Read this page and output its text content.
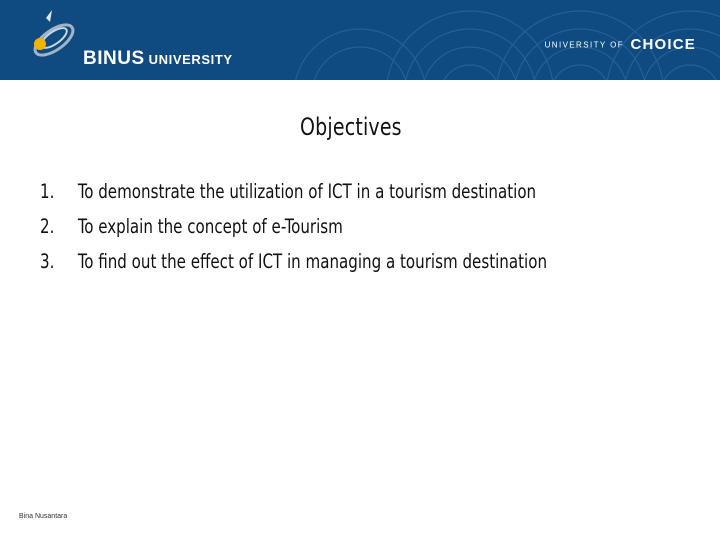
BINUS UNIVERSITY
UNIVERSITY OF CHOICE
Objectives
1. To demonstrate the utilization of ICT in a tourism destination
2. To explain the concept of e-Tourism
3. To find out the effect of ICT in managing a tourism destination
Bina Nusantara
